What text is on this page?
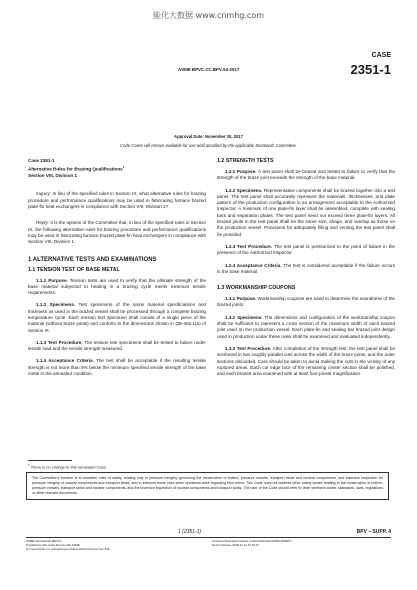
能化大数据 www.cnmhg.com
CASE
2351-1
ASME BPVC.CC.BPV.S4-2017
Approval Date: November 30, 2017
Code Cases will remain available for use until annulled by the applicable Standards Committee.

Case 2351-1
Alternative Rules for Brazing Qualifications$^1$
Section VIII, Division 1

Inquiry: In lieu of the specified rules in Section IX, what alternative rules for brazing procedure and performance qualifications may be used in fabricating furnace brazed plate-fin heat exchangers in compliance with Section VIII, Division 1?

Reply: It is the opinion of the Committee that, in lieu of the specified rules in Section IX, the following alternative rules for brazing procedure and performance qualifications may be used in fabricating furnace brazed plate-fin heat exchangers in compliance with Section VIII, Division 1.

1 ALTERNATIVE TESTS AND EXAMINATIONS

1.1 TENSION TEST OF BASE METAL

1.1.1 Purpose. Tension tests are used to verify that the ultimate strength of the base material subjected to heating in a brazing cycle meets minimum tensile requirements.

1.1.2 Specimens. Test specimens of the same material specifications and thickness as used in the brazed vessel shall be processed through a complete brazing temperature cycle. Each tension test specimen shall consist of a single piece of the material (without braze joints) and conform to the dimensions shown in QB-462.1(a) of Section IX.

1.1.3 Test Procedure. The tension test specimens shall be tested to failure under tensile load and the tensile strength measured.

1.1.4 Acceptance Criteria. The test shall be acceptable if the resulting tensile strength is not more than 5% below the minimum specified tensile strength of the base metal in the annealed condition.

1.2 STRENGTH TESTS

1.2.1 Purpose. A test panel shall be brazed and tested to failure to verify that the strength of the braze joint exceeds the strength of the base material.

1.2.2 Specimens. Representative components shall be brazed together into a test panel. The test panel shall accurately represent the materials, thicknesses, and plate pattern of the production configuration in an arrangement acceptable to the Authorized Inspector. A minimum of one plate-fin layer shall be assembled, complete with sealing bars and separation plates. The test panel need not exceed three plate-fin layers. All brazed joints in the test panel shall be the same size, shape, and overlap as those on the production vessel. Provisions for adequately filling and venting the test panel shall be provided.

1.2.3 Test Procedure. The test panel is pressurized to the point of failure in the presence of the Authorized Inspector.

1.2.4 Acceptance Criteria. The test is considered acceptable if the failure occurs in the base material.

1.3 WORKMANSHIP COUPONS

1.3.1 Purpose. Workmanship coupons are used to determine the soundness of the brazed joints.

1.3.2 Specimens. The dimensions and configuration of the workmanship coupon shall be sufficient to represent a cross section of the maximum width of each brazed joint used on the production vessel. Each plate-fin and sealing bar brazed joint design used in production under these rules shall be examined and evaluated independently.

1.3.3 Test Procedure. After completion of the strength test, the test panel shall be sectioned in two roughly parallel cuts across the width of the braze joints, and the outer sections discarded. Care should be taken to avoid making the cuts in the vicinity of any ruptured areas. Each cut edge face of the remaining center section shall be polished, and each brazed area examined with at least four-power magnification.

$^1$ There is no change to this reinstated Case.
The Committee's function is to establish rules of safety, relating only to pressure integrity, governing the construction of boilers, pressure vessels, transport tanks and nuclear components, and inservice inspection for pressure integrity of nuclear components and transport tanks, and to interpret these rules when questions arise regarding their intent. This Code does not address other safety issues relating to the construction of boilers, pressure vessels, transport tanks and nuclear components, and the inservice inspection of nuclear components and transport tanks. The user of the Code should refer to other pertinent codes, standards, laws, regulations or other relevant documents.
1 (2351-1)	BPV – SUPP. 4
ASME International (BPVC)
Provided by IHS under license with ASME
No reproduction or networking permitted without license from IHS
Licensee=Shanghai Institute of Standardization/5996-5059877
Not for Resale, 2018-12-14 10:15:37
